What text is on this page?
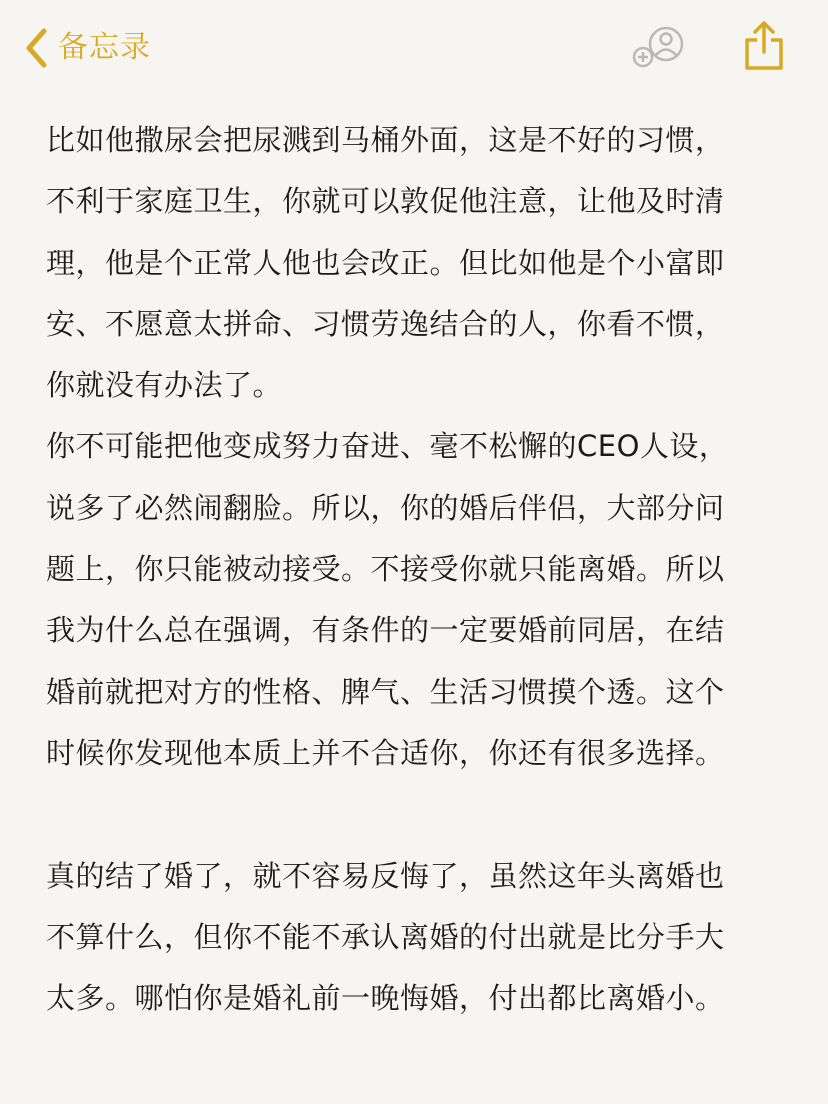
备忘录
比如他撒尿会把尿溅到马桶外面，这是不好的习惯，
不利于家庭卫生，你就可以敦促他注意，让他及时清
理，他是个正常人他也会改正。但比如他是个小富即
安、不愿意太拼命、习惯劳逸结合的人，你看不惯，
你就没有办法了。
你不可能把他变成努力奋进、毫不松懈的CEO人设，
说多了必然闹翻脸。所以，你的婚后伴侣，大部分问
题上，你只能被动接受。不接受你就只能离婚。所以
我为什么总在强调，有条件的一定要婚前同居，在结
婚前就把对方的性格、脾气、生活习惯摸个透。这个
时候你发现他本质上并不合适你，你还有很多选择。
真的结了婚了，就不容易反悔了，虽然这年头离婚也
不算什么，但你不能不承认离婚的付出就是比分手大
太多。哪怕你是婚礼前一晚悔婚，付出都比离婚小。
